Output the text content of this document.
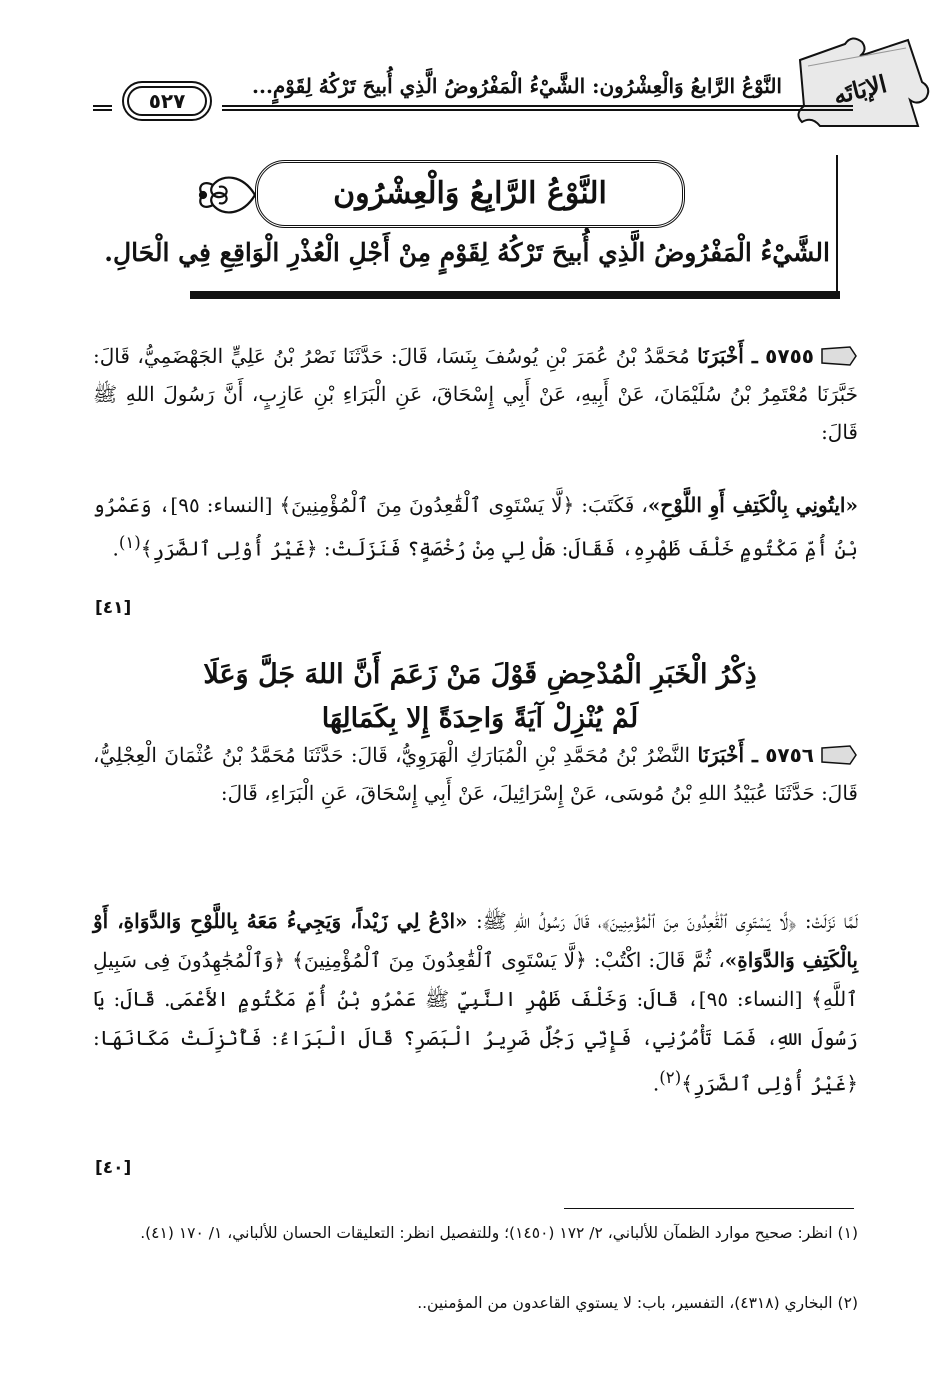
الإبَاتَه
النَّوْعُ الرَّابعُ وَالْعِشْرُون: الشَّيْءُ الْمَفْرُوضُ الَّذِي أُبيحَ تَرْكُهُ لِقَوْمٍ...
٥٢٧
النَّوْعُ الرَّابِعُ وَالْعِشْرُون
الشَّيْءُ الْمَفْرُوضُ الَّذِي أُبيحَ تَرْكُهُ لِقَوْمٍ مِنْ أَجْلِ الْعُذْرِ الْوَاقِعِ فِي الْحَالِ.
٥٧٥٥ ـ أَخْبَرَنَا مُحَمَّدُ بْنُ عُمَرَ بْنِ يُوسُفَ بِنَسَا، قَالَ: حَدَّثَنَا نَصْرُ بْنُ عَلِيٍّ الجَهْضَمِيُّ، قَالَ: خَبَّرَنَا مُعْتَمِرُ بْنُ سُلَيْمَانَ، عَنْ أَبِيهِ، عَنْ أَبِي إِسْحَاقَ، عَنِ الْبَرَاءِ بْنِ عَازِبٍ، أَنَّ رَسُولَ اللهِ ﷺ قَالَ:
«ايتُونِي بِالْكَتِفِ أَوِ اللَّوْحِ»، فَكَتَبَ: ﴿لَّا يَسْتَوِى ٱلْقَٰعِدُونَ مِنَ ٱلْمُؤْمِنِينَ﴾ [النساء: ٩٥]، وَعَمْرُو بْنُ أُمِّ مَكْتُومٍ خَلْفَ ظَهْرِهِ، فَقَالَ: هَلْ لِي مِنْ رُخْصَةٍ؟ فَنَزَلَتْ: ﴿غَيْرُ أُوْلِى ٱلضَّرَرِ﴾$^{(١)}$.
[٤١]
ذِكْرُ الْخَبَرِ الْمُدْحِضِ قَوْلَ مَنْ زَعَمَ أَنَّ اللهَ جَلَّ وَعَلَا
لَمْ يُنْزِلْ آيَةً وَاحِدَةً إِلا بِكَمَالِهَا
٥٧٥٦ ـ أَخْبَرَنَا النَّضْرُ بْنُ مُحَمَّدِ بْنِ الْمُبَارَكِ الْهَرَوِيُّ، قَالَ: حَدَّثَنَا مُحَمَّدُ بْنُ عُثْمَانَ الْعِجْلِيُّ، قَالَ: حَدَّثَنَا عُبَيْدُ اللهِ بْنُ مُوسَى، عَنْ إِسْرَائِيلَ، عَنْ أَبِي إِسْحَاقَ، عَنِ الْبَرَاءِ، قَالَ:
لَمَّا نَزَلَتْ: ﴿لَّا يَسْتَوِى ٱلْقَٰعِدُونَ مِنَ ٱلْمُؤْمِنِينَ﴾، قَالَ رَسُولُ اللهِ ﷺ: «ادْعُ لِي زَيْداً، وَيَجِيءُ مَعَهُ بِاللَّوْحِ وَالدَّوَاةِ، أَوْ بِالْكَتِفِ وَالدَّوَاةِ»، ثُمَّ قَالَ: اكْتُبْ: ﴿لَّا يَسْتَوِى ٱلْقَٰعِدُونَ مِنَ ٱلْمُؤْمِنِينَ﴾ ﴿وَٱلْمُجَٰهِدُونَ فِى سَبِيلِ ٱللَّهِ﴾ [النساء: ٩٥]، قَالَ: وَخَلْفَ ظَهْرِ النَّبِيِّ ﷺ عَمْرُو بْنُ أُمِّ مَكْتُومٍ الأَعْمَى. قَالَ: يَا رَسُولَ اللهِ، فَمَا تَأْمُرُنِي، فَإِنِّي رَجُلٌ ضَرِيرُ الْبَصَرِ؟ قَالَ الْبَرَاءُ: فَأُنْزِلَتْ مَكَانَهَا: ﴿غَيْرُ أُوْلِى ٱلضَّرَرِ﴾$^{(٢)}$.
[٤٠]
(١) انظر: صحيح موارد الظمآن للألباني، ٢/ ١٧٢ (١٤٥٠)؛ وللتفصيل انظر: التعليقات الحسان للألباني، ١/ ١٧٠ (٤١).
(٢) البخاري (٤٣١٨)، التفسير، باب: لا يستوي القاعدون من المؤمنين..
